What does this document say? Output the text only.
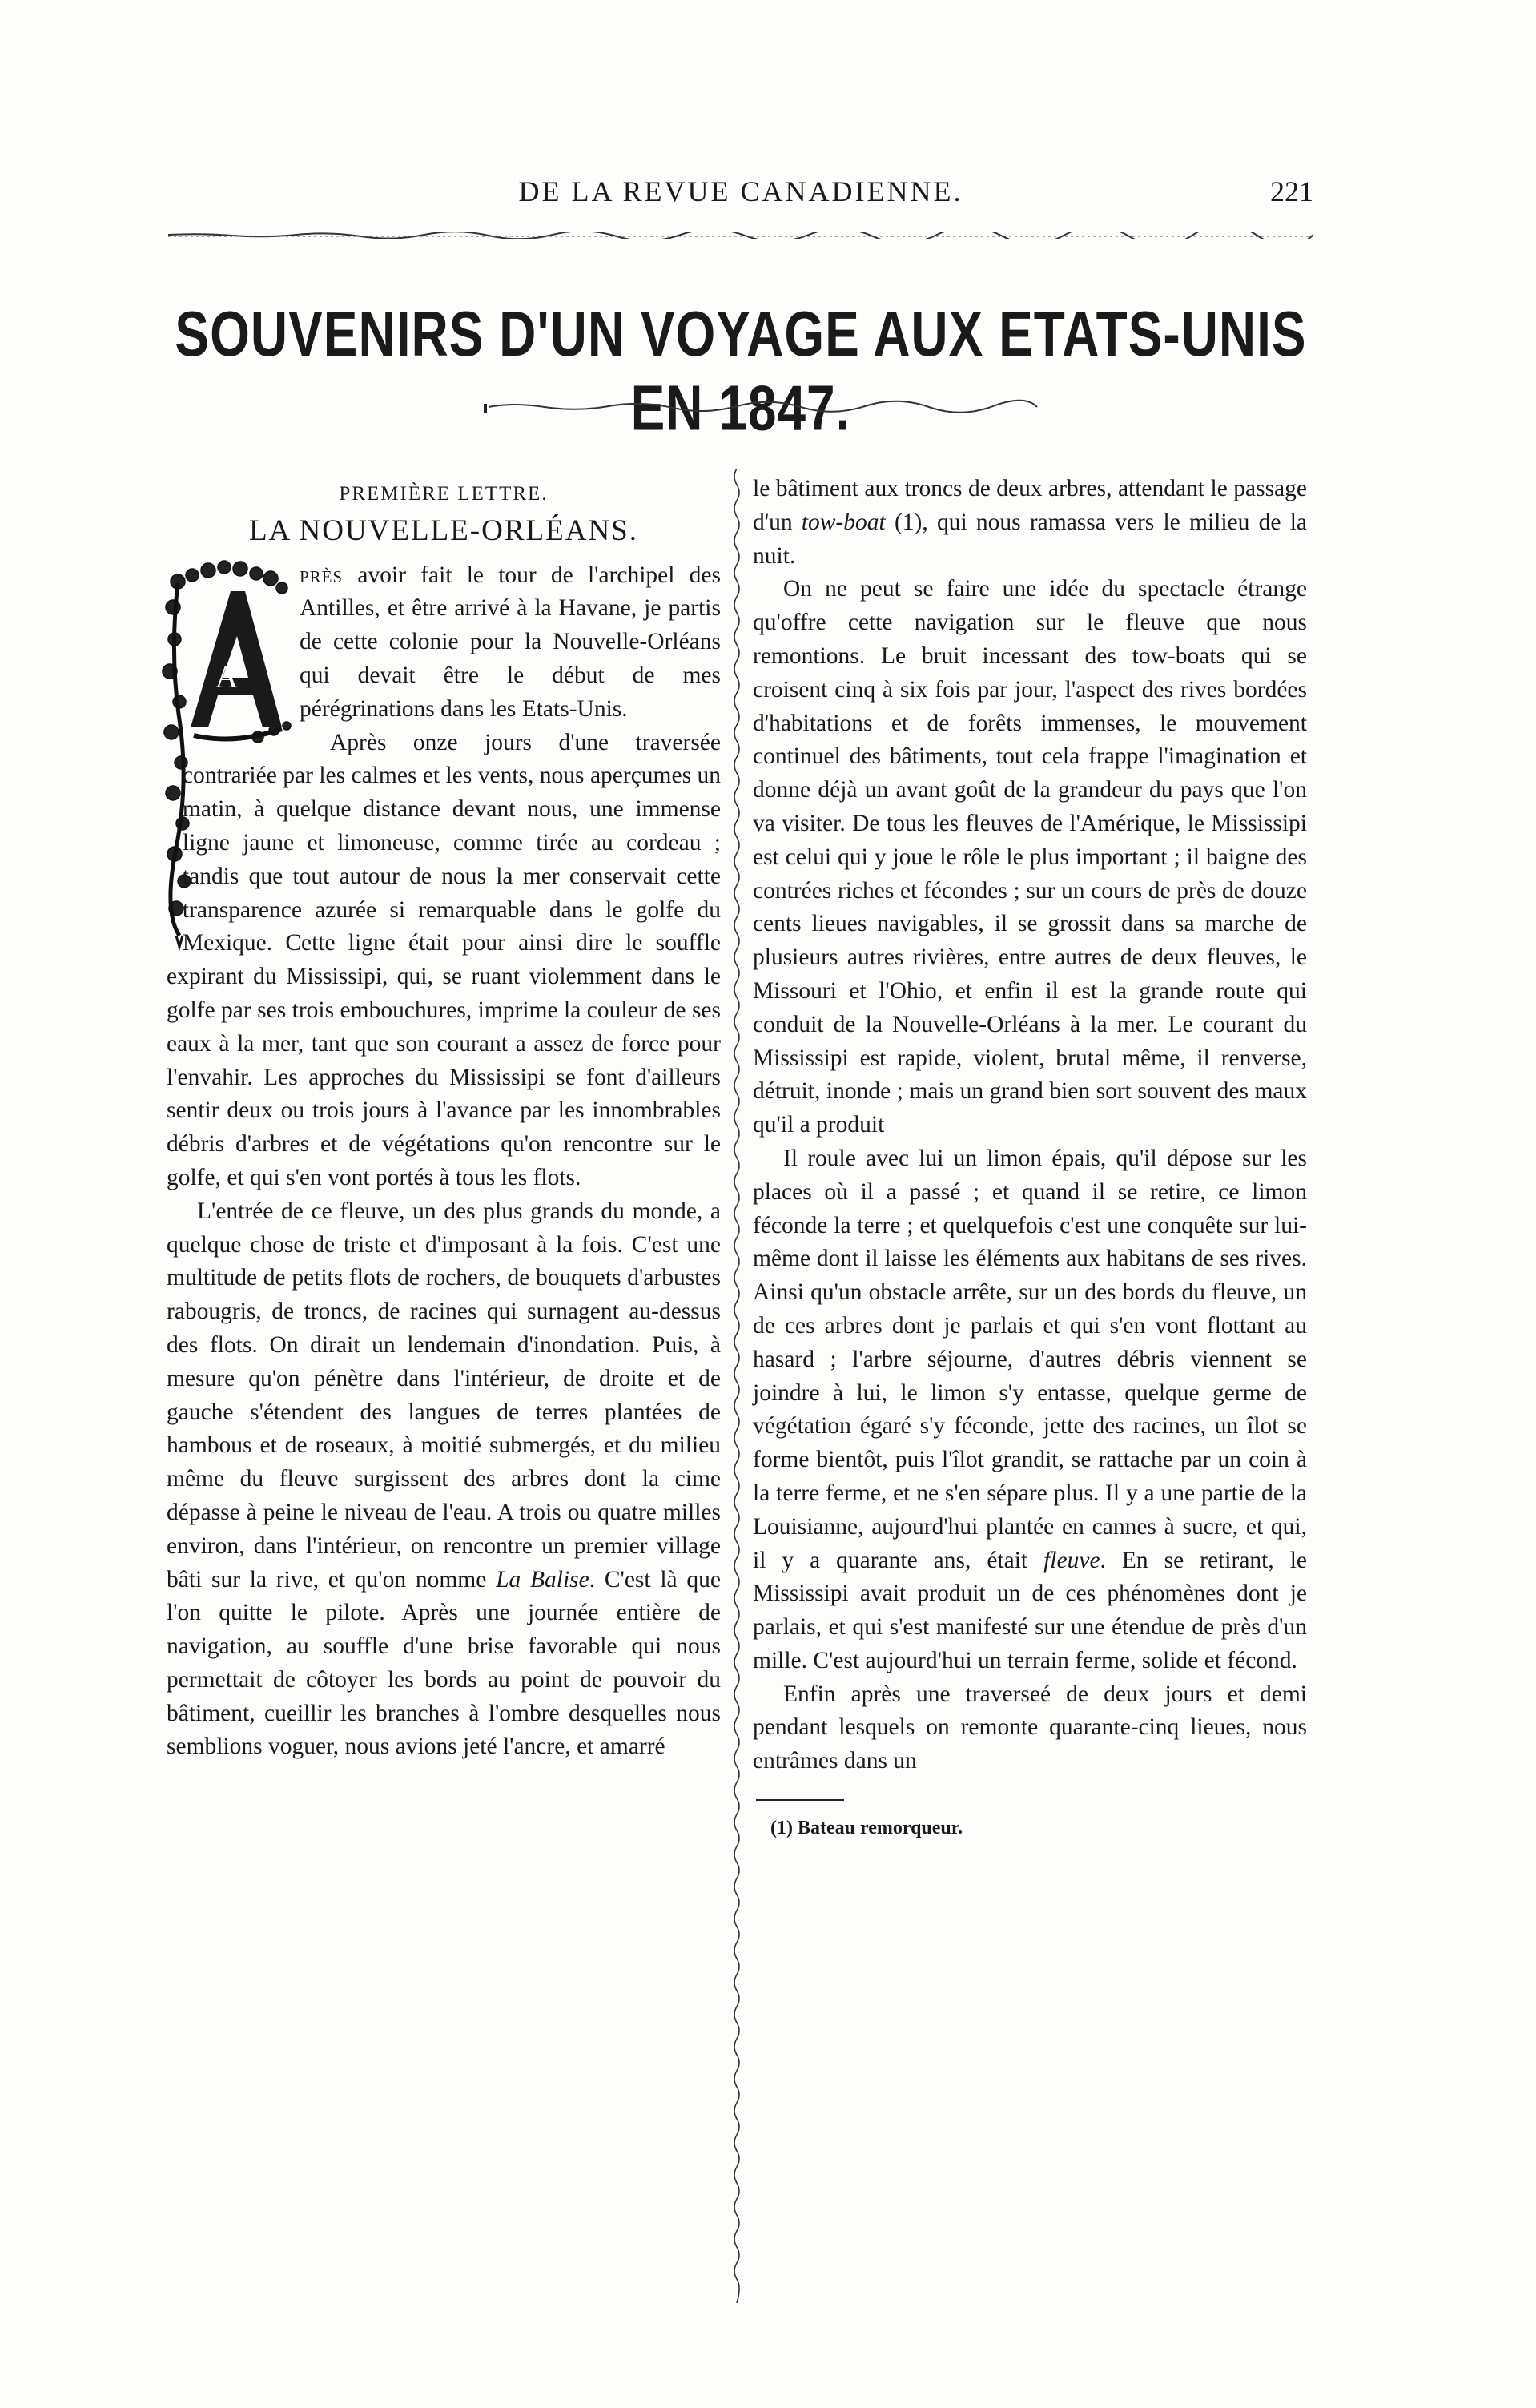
DE LA REVUE CANADIENNE.	221
SOUVENIRS D'UN VOYAGE AUX ETATS-UNIS EN 1847.
PREMIÈRE LETTRE.
LA NOUVELLE-ORLÉANS.
A

près avoir fait le tour de l'archipel des Antilles, et être arrivé à la Havane, je partis de cette colonie pour la Nouvelle-Orléans qui devait être le début de mes pérégrinations dans les Etats-Unis.

Après onze jours d'une traversée contrariée par les calmes et les vents, nous aperçumes un matin, à quelque distance devant nous, une immense ligne jaune et limoneuse, comme tirée au cordeau ; tandis que tout autour de nous la mer conservait cette transparence azurée si remarquable dans le golfe du Mexique. Cette ligne était pour ainsi dire le souffle expirant du Mississipi, qui, se ruant violemment dans le golfe par ses trois embouchures, imprime la couleur de ses eaux à la mer, tant que son courant a assez de force pour l'envahir. Les approches du Mississipi se font d'ailleurs sentir deux ou trois jours à l'avance par les innombrables débris d'arbres et de végétations qu'on rencontre sur le golfe, et qui s'en vont portés à tous les flots.

L'entrée de ce fleuve, un des plus grands du monde, a quelque chose de triste et d'imposant à la fois. C'est une multitude de petits flots de rochers, de bouquets d'arbustes rabougris, de troncs, de racines qui surnagent au-dessus des flots. On dirait un lendemain d'inondation. Puis, à mesure qu'on pénètre dans l'intérieur, de droite et de gauche s'étendent des langues de terres plantées de hambous et de roseaux, à moitié submergés, et du milieu même du fleuve surgissent des arbres dont la cime dépasse à peine le niveau de l'eau. A trois ou quatre milles environ, dans l'intérieur, on rencontre un premier village bâti sur la rive, et qu'on nomme La Balise. C'est là que l'on quitte le pilote. Après une journée entière de navigation, au souffle d'une brise favorable qui nous permettait de côtoyer les bords au point de pouvoir du bâtiment, cueillir les branches à l'ombre desquelles nous semblions voguer, nous avions jeté l'ancre, et amarré

le bâtiment aux troncs de deux arbres, attendant le passage d'un tow-boat (1), qui nous ramassa vers le milieu de la nuit.

On ne peut se faire une idée du spectacle étrange qu'offre cette navigation sur le fleuve que nous remontions. Le bruit incessant des tow-boats qui se croisent cinq à six fois par jour, l'aspect des rives bordées d'habitations et de forêts immenses, le mouvement continuel des bâtiments, tout cela frappe l'imagination et donne déjà un avant goût de la grandeur du pays que l'on va visiter. De tous les fleuves de l'Amérique, le Mississipi est celui qui y joue le rôle le plus important ; il baigne des contrées riches et fécondes ; sur un cours de près de douze cents lieues navigables, il se grossit dans sa marche de plusieurs autres rivières, entre autres de deux fleuves, le Missouri et l'Ohio, et enfin il est la grande route qui conduit de la Nouvelle-Orléans à la mer. Le courant du Mississipi est rapide, violent, brutal même, il renverse, détruit, inonde ; mais un grand bien sort souvent des maux qu'il a produit

Il roule avec lui un limon épais, qu'il dépose sur les places où il a passé ; et quand il se retire, ce limon féconde la terre ; et quelquefois c'est une conquête sur lui-même dont il laisse les éléments aux habitans de ses rives. Ainsi qu'un obstacle arrête, sur un des bords du fleuve, un de ces arbres dont je parlais et qui s'en vont flottant au hasard ; l'arbre séjourne, d'autres débris viennent se joindre à lui, le limon s'y entasse, quelque germe de végétation égaré s'y féconde, jette des racines, un îlot se forme bientôt, puis l'îlot grandit, se rattache par un coin à la terre ferme, et ne s'en sépare plus. Il y a une partie de la Louisianne, aujourd'hui plantée en cannes à sucre, et qui, il y a quarante ans, était fleuve. En se retirant, le Mississipi avait produit un de ces phénomènes dont je parlais, et qui s'est manifesté sur une étendue de près d'un mille. C'est aujourd'hui un terrain ferme, solide et fécond.

Enfin après une traverseé de deux jours et demi pendant lesquels on remonte quarante-cinq lieues, nous entrâmes dans un

(1) Bateau remorqueur.
